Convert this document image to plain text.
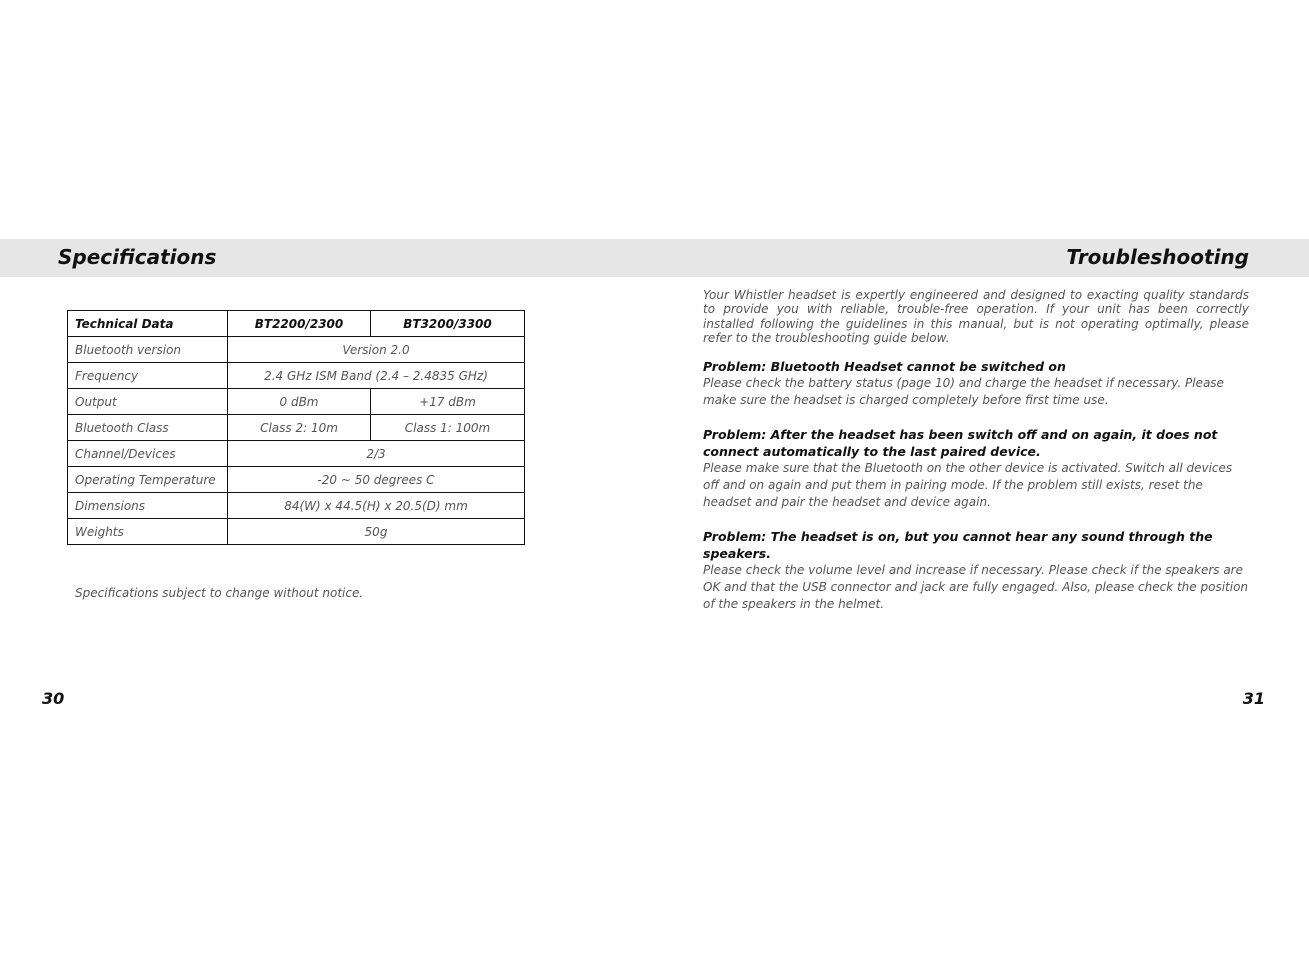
Specifications	Troubleshooting
Technical Data	BT2200/2300	BT3200/3300
Bluetooth version	Version 2.0	
Frequency	2.4 GHz ISM Band (2.4 – 2.4835 GHz)	
Output	0 dBm	+17 dBm
Bluetooth Class	Class 2: 10m	Class 1: 100m
Channel/Devices	2/3	
Operating Temperature	-20 ~ 50 degrees C	
Dimensions	84(W) x 44.5(H) x 20.5(D) mm	
Weights	50g	

Specifications subject to change without notice.

30

Your Whistler headset is expertly engineered and designed to exacting quality standards to provide you with reliable, trouble-free operation. If your unit has been correctly installed following the guidelines in this manual, but is not operating optimally, please refer to the troubleshooting guide below.

Problem: Bluetooth Headset cannot be switched on

Please check the battery status (page 10) and charge the headset if necessary. Please make sure the headset is charged completely before first time use.

Problem: After the headset has been switch off and on again, it does not connect automatically to the last paired device.

Please make sure that the Bluetooth on the other device is activated. Switch all devices off and on again and put them in pairing mode. If the problem still exists, reset the headset and pair the headset and device again.

Problem: The headset is on, but you cannot hear any sound through the speakers.

Please check the volume level and increase if necessary. Please check if the speakers are OK and that the USB connector and jack are fully engaged. Also, please check the position of the speakers in the helmet.

31
